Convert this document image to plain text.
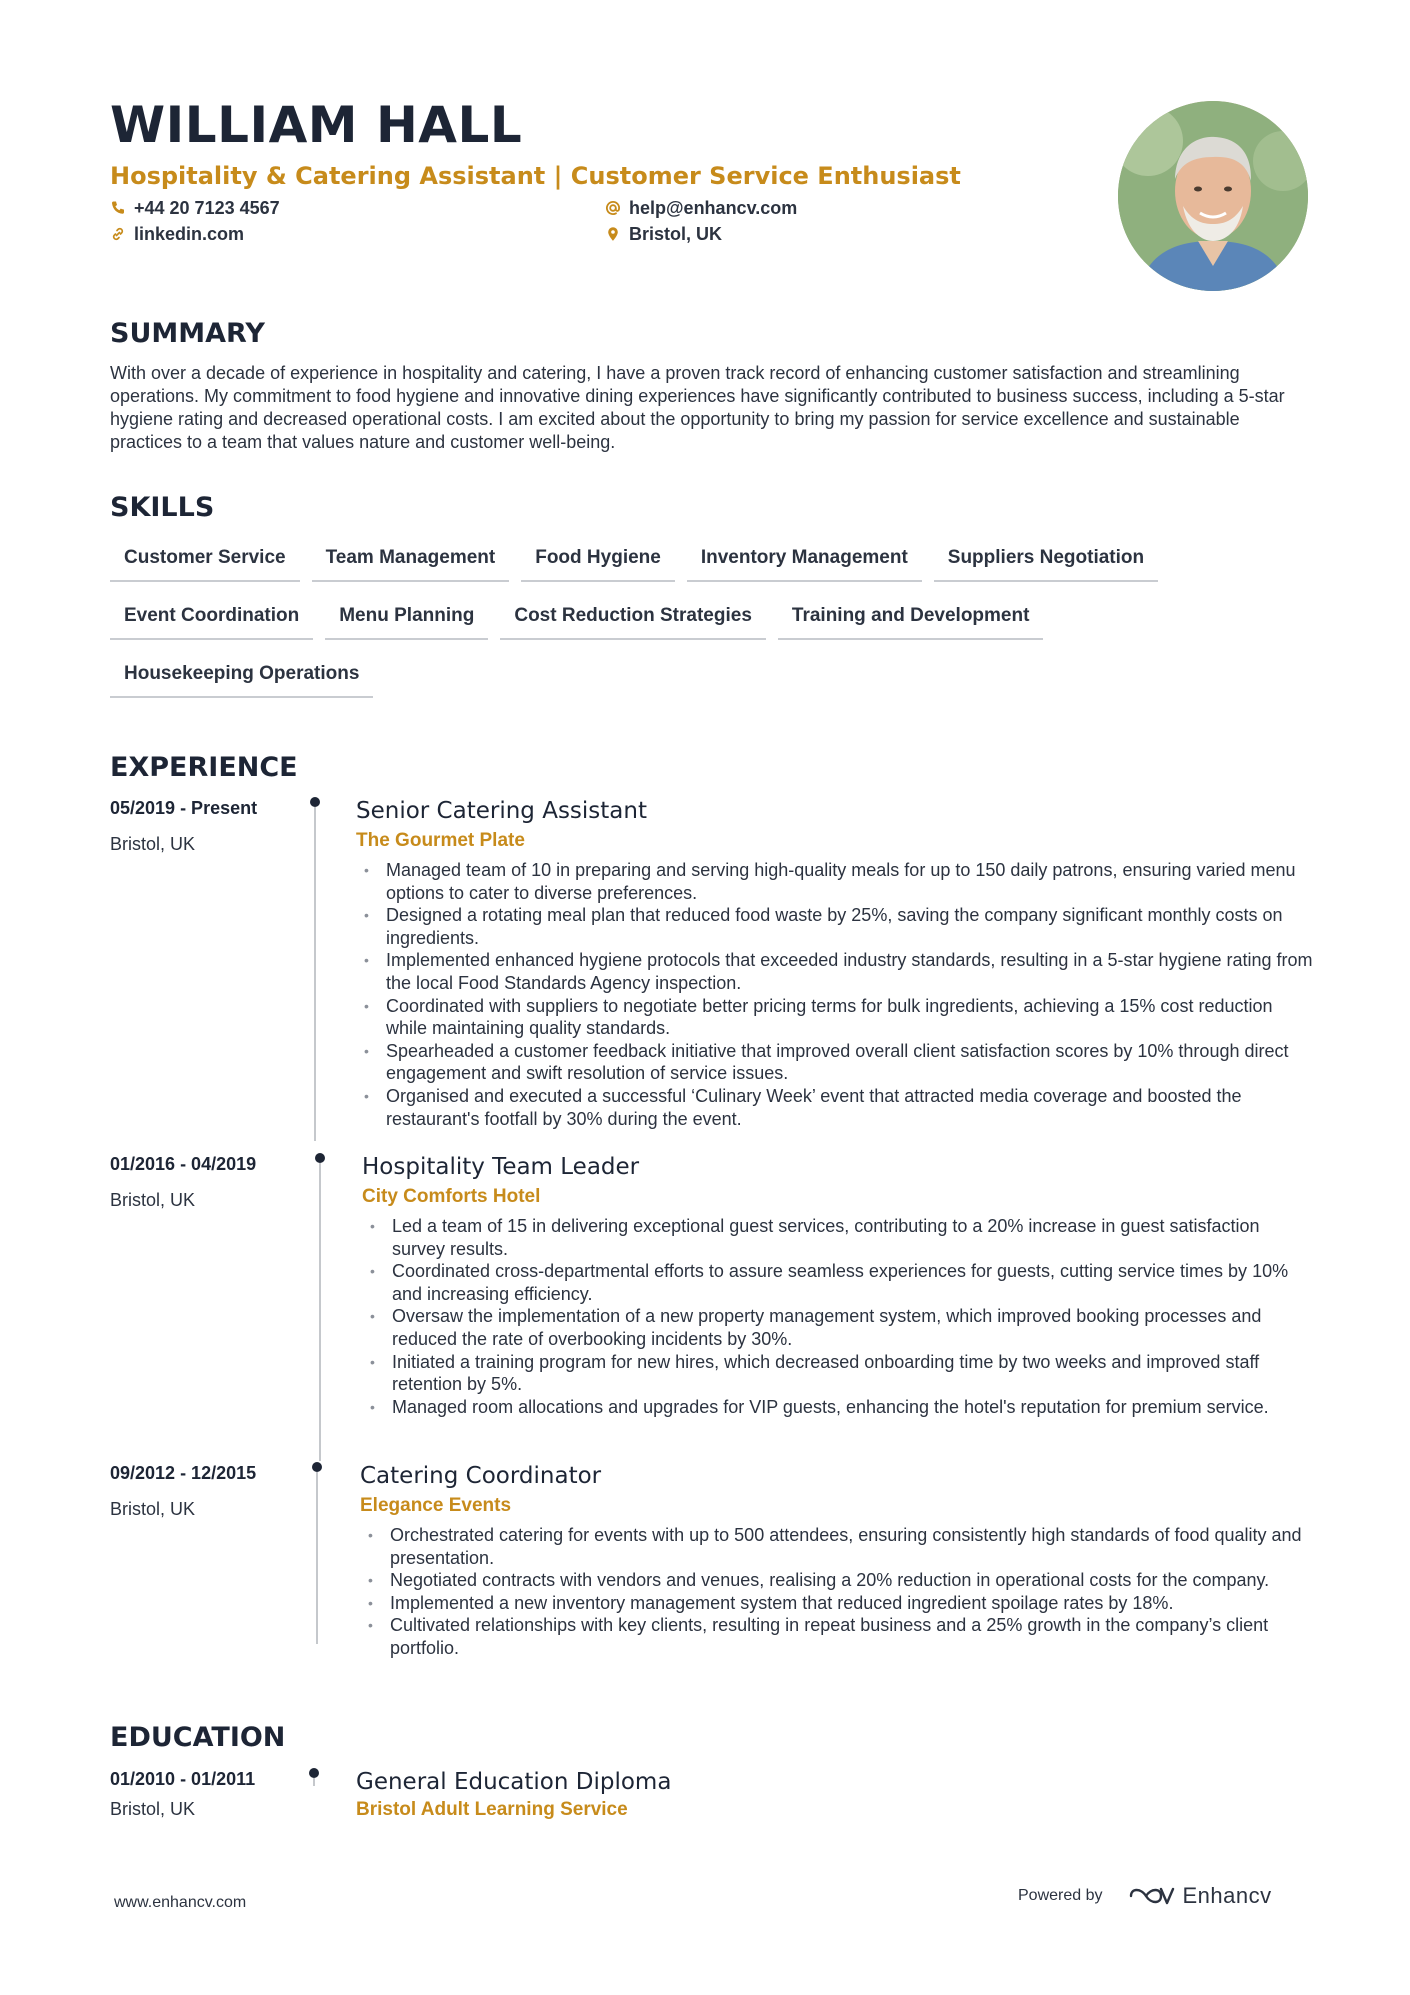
WILLIAM HALL
Hospitality & Catering Assistant | Customer Service Enthusiast
+44 20 7123 4567	help@enhancv.com
linkedin.com	Bristol, UK
SUMMARY
With over a decade of experience in hospitality and catering, I have a proven track record of enhancing customer satisfaction and streamlining operations. My commitment to food hygiene and innovative dining experiences have significantly contributed to business success, including a 5-star hygiene rating and decreased operational costs. I am excited about the opportunity to bring my passion for service excellence and sustainable practices to a team that values nature and customer well-being.
SKILLS
Customer Service	Team Management	Food Hygiene	Inventory Management	Suppliers Negotiation
Event Coordination	Menu Planning	Cost Reduction Strategies	Training and Development
Housekeeping Operations
EXPERIENCE
05/2019 - Present
Bristol, UK
Senior Catering Assistant
The Gourmet Plate
• Managed team of 10 in preparing and serving high-quality meals for up to 150 daily patrons, ensuring varied menu options to cater to diverse preferences.
• Designed a rotating meal plan that reduced food waste by 25%, saving the company significant monthly costs on ingredients.
• Implemented enhanced hygiene protocols that exceeded industry standards, resulting in a 5-star hygiene rating from the local Food Standards Agency inspection.
• Coordinated with suppliers to negotiate better pricing terms for bulk ingredients, achieving a 15% cost reduction while maintaining quality standards.
• Spearheaded a customer feedback initiative that improved overall client satisfaction scores by 10% through direct engagement and swift resolution of service issues.
• Organised and executed a successful ‘Culinary Week’ event that attracted media coverage and boosted the restaurant's footfall by 30% during the event.
01/2016 - 04/2019
Bristol, UK
Hospitality Team Leader
City Comforts Hotel
• Led a team of 15 in delivering exceptional guest services, contributing to a 20% increase in guest satisfaction survey results.
• Coordinated cross-departmental efforts to assure seamless experiences for guests, cutting service times by 10% and increasing efficiency.
• Oversaw the implementation of a new property management system, which improved booking processes and reduced the rate of overbooking incidents by 30%.
• Initiated a training program for new hires, which decreased onboarding time by two weeks and improved staff retention by 5%.
• Managed room allocations and upgrades for VIP guests, enhancing the hotel's reputation for premium service.
09/2012 - 12/2015
Bristol, UK
Catering Coordinator
Elegance Events
• Orchestrated catering for events with up to 500 attendees, ensuring consistently high standards of food quality and presentation.
• Negotiated contracts with vendors and venues, realising a 20% reduction in operational costs for the company.
• Implemented a new inventory management system that reduced ingredient spoilage rates by 18%.
• Cultivated relationships with key clients, resulting in repeat business and a 25% growth in the company’s client portfolio.
EDUCATION
01/2010 - 01/2011
Bristol, UK
General Education Diploma
Bristol Adult Learning Service
www.enhancv.com	Powered by	Enhancv
